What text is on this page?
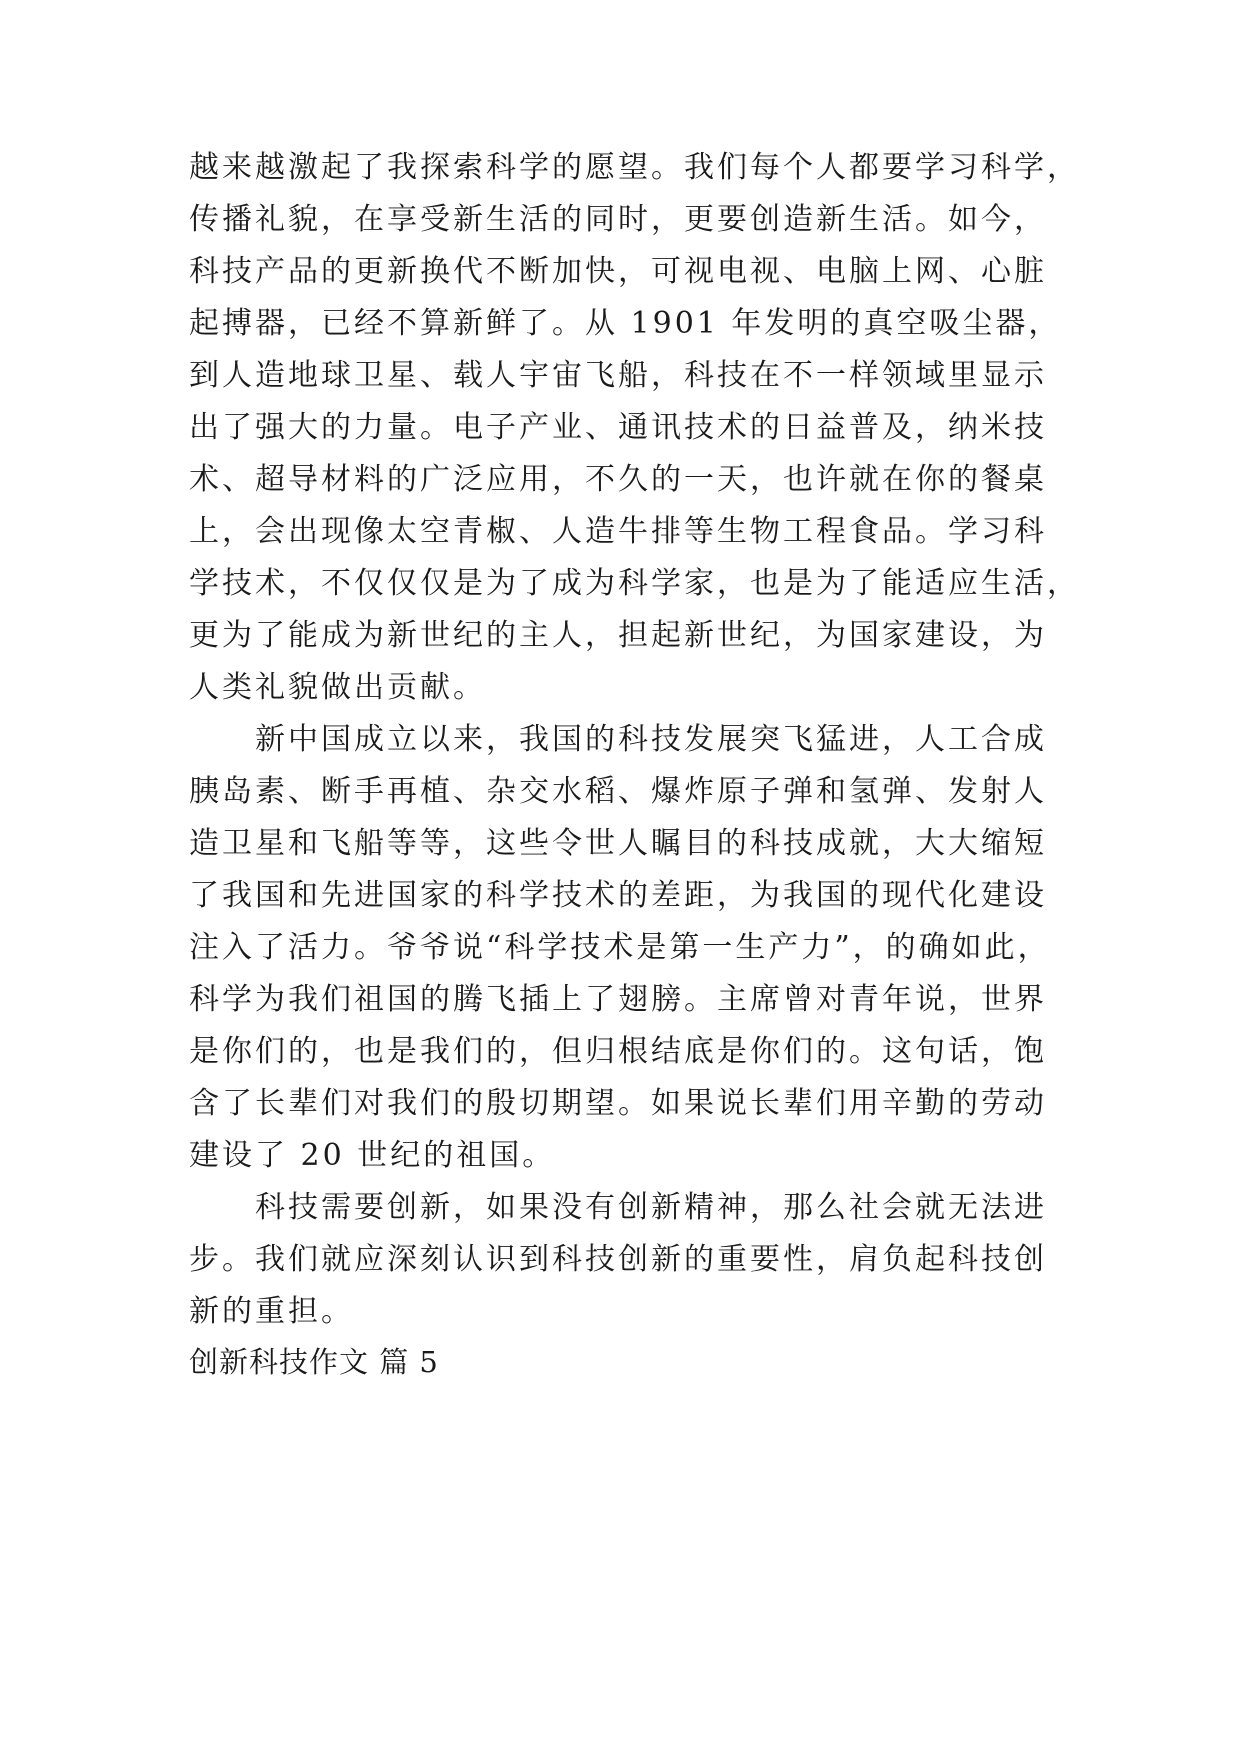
越来越激起了我探索科学的愿望。我们每个人都要学习科学，
传播礼貌，在享受新生活的同时，更要创造新生活。如今，
科技产品的更新换代不断加快，可视电视、电脑上网、心脏
起搏器，已经不算新鲜了。从 1901 年发明的真空吸尘器，
到人造地球卫星、载人宇宙飞船，科技在不一样领域里显示
出了强大的力量。电子产业、通讯技术的日益普及，纳米技
术、超导材料的广泛应用，不久的一天，也许就在你的餐桌
上，会出现像太空青椒、人造牛排等生物工程食品。学习科
学技术，不仅仅仅是为了成为科学家，也是为了能适应生活，
更为了能成为新世纪的主人，担起新世纪，为国家建设，为
人类礼貌做出贡献。
　　新中国成立以来，我国的科技发展突飞猛进，人工合成
胰岛素、断手再植、杂交水稻、爆炸原子弹和氢弹、发射人
造卫星和飞船等等，这些令世人瞩目的科技成就，大大缩短
了我国和先进国家的科学技术的差距，为我国的现代化建设
注入了活力。爷爷说“科学技术是第一生产力”，的确如此，
科学为我们祖国的腾飞插上了翅膀。主席曾对青年说，世界
是你们的，也是我们的，但归根结底是你们的。这句话，饱
含了长辈们对我们的殷切期望。如果说长辈们用辛勤的劳动
建设了 20 世纪的祖国。
　　科技需要创新，如果没有创新精神，那么社会就无法进
步。我们就应深刻认识到科技创新的重要性，肩负起科技创
新的重担。
创新科技作文 篇 5
